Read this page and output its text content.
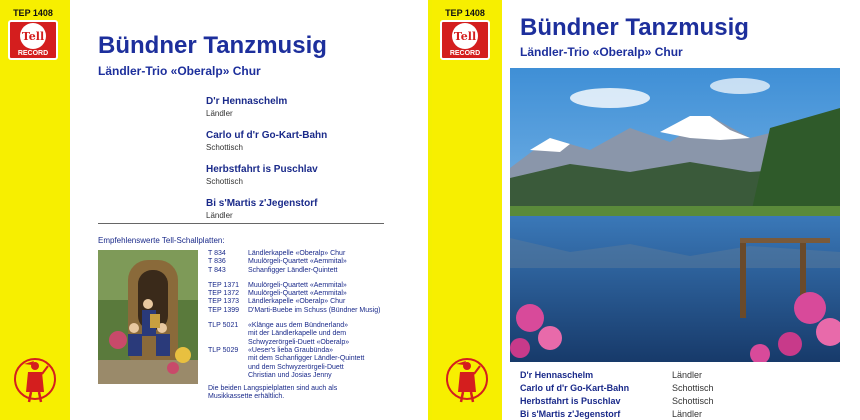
TEP 1408
Tell
RECORD Bündner Tanzmusig
Ländler-Trio «Oberalp» Chur
D'r Hennaschelm
Ländler
Carlo uf d'r Go-Kart-Bahn
Schottisch
Herbstfahrt is Puschlav
Schottisch
Bi s'Martis z'Jegenstorf
Ländler
Empfehlenswerte Tell-Schallplatten:
T 834	Ländlerkapelle «Oberalp» Chur
T 836	Muulörgeli-Quartett «Aemmital»
T 843	Schanfigger Ländler-Quintett
TEP 1371	Muulörgeli-Quartett «Aemmital»
TEP 1372	Muulörgeli-Quartett «Aemmital»
TEP 1373	Ländlerkapelle «Oberalp» Chur
TEP 1399	D'Marti-Buebe im Schuss (Bündner Musig)
TLP 5021	«Klänge aus dem Bündnerland»
mit der Ländlerkapelle und dem
Schwyzerörgeli-Duett «Oberalp»
TLP 5029	«Ueser's lieba Graubünda»
mit dem Schanfigger Ländler-Quintett
und dem Schwyzerörgeli-Duett
Christian und Josias Jenny
Die beiden Langspielplatten sind auch als
Musikkassette erhältlich.
TEP 1408
Tell
RECORD
Bündner Tanzmusig
Ländler-Trio «Oberalp» Chur
D'r Hennaschelm	Ländler
Carlo uf d'r Go-Kart-Bahn	Schottisch
Herbstfahrt is Puschlav	Schottisch
Bi s'Martis z'Jegenstorf	Ländler
